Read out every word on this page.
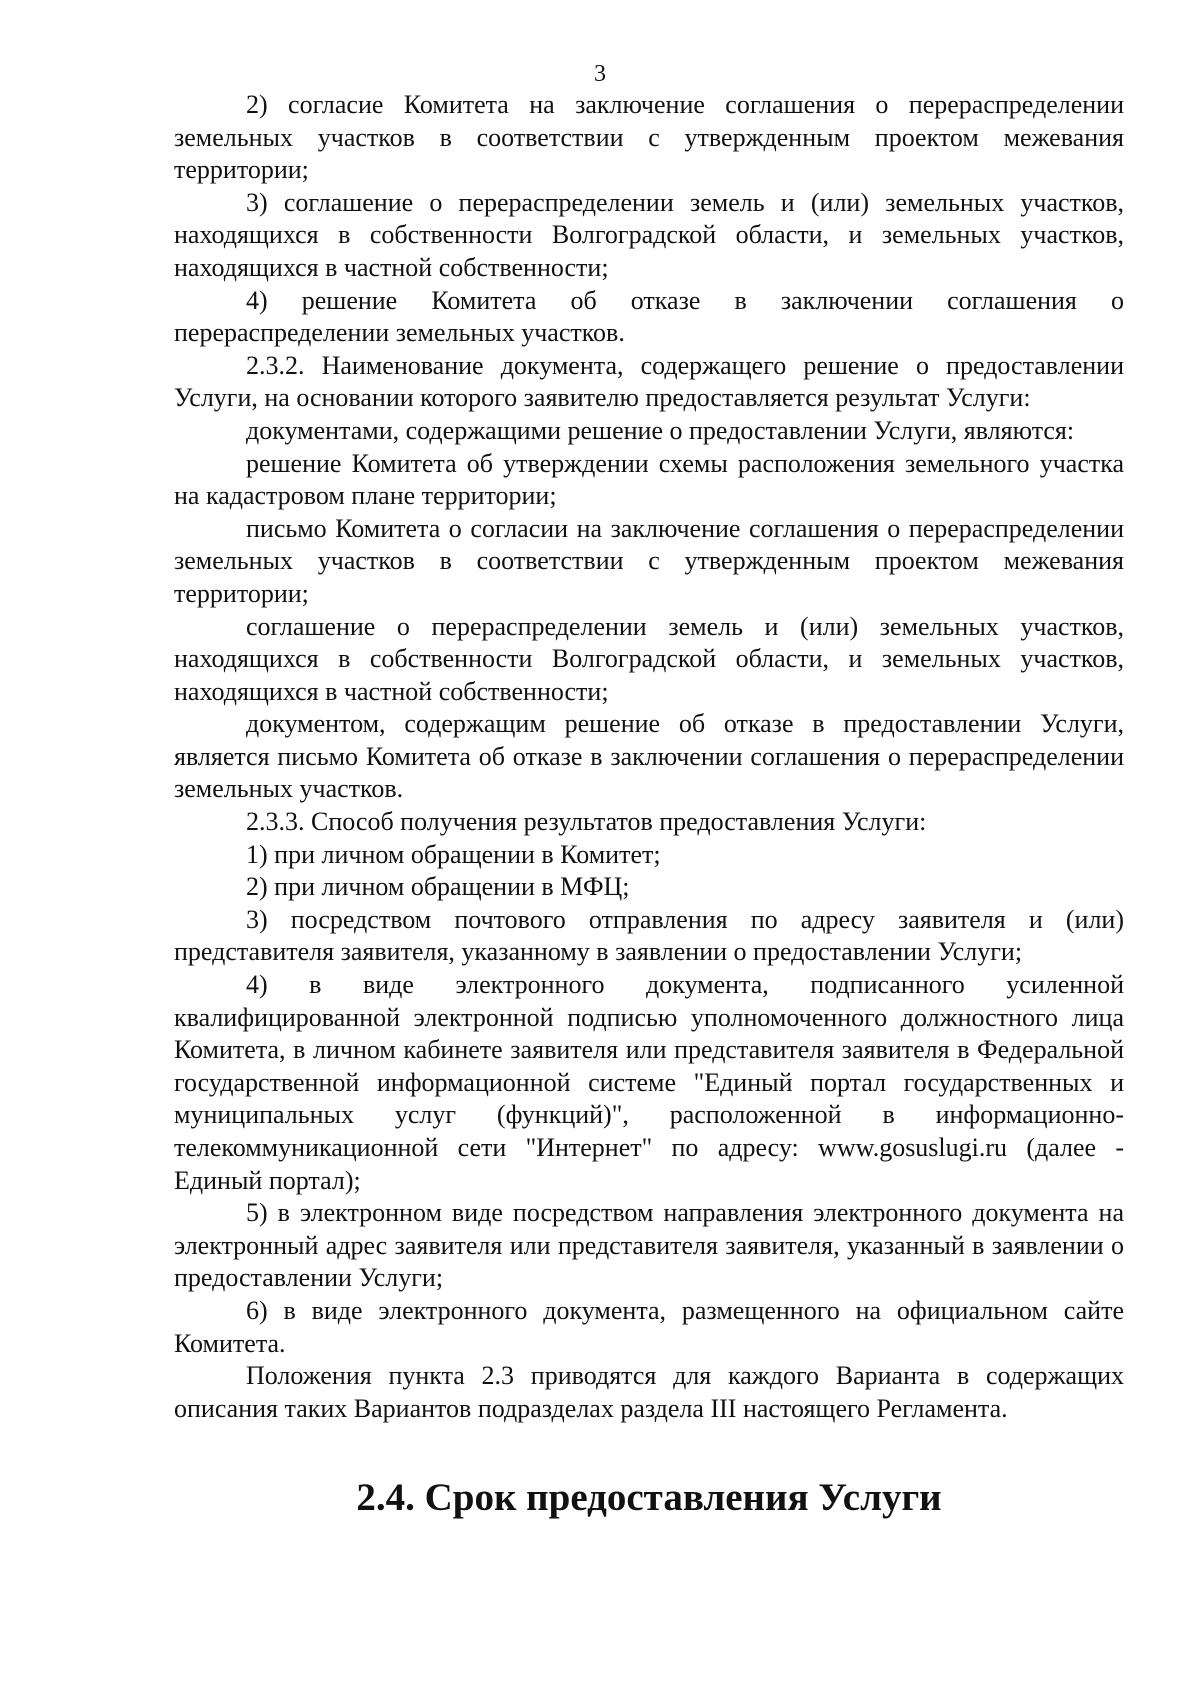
3

2) согласие Комитета на заключение соглашения о перераспределении земельных участков в соответствии с утвержденным проектом межевания территории;

3) соглашение о перераспределении земель и (или) земельных участков, находящихся в собственности Волгоградской области, и земельных участков, находящихся в частной собственности;

4) решение Комитета об отказе в заключении соглашения о перераспределении земельных участков.

2.3.2. Наименование документа, содержащего решение о предоставлении Услуги, на основании которого заявителю предоставляется результат Услуги:

документами, содержащими решение о предоставлении Услуги, являются:

решение Комитета об утверждении схемы расположения земельного участка на кадастровом плане территории;

письмо Комитета о согласии на заключение соглашения о перераспределении земельных участков в соответствии с утвержденным проектом межевания территории;

соглашение о перераспределении земель и (или) земельных участков, находящихся в собственности Волгоградской области, и земельных участков, находящихся в частной собственности;

документом, содержащим решение об отказе в предоставлении Услуги, является письмо Комитета об отказе в заключении соглашения о перераспределении земельных участков.

2.3.3. Способ получения результатов предоставления Услуги:

1) при личном обращении в Комитет;

2) при личном обращении в МФЦ;

3) посредством почтового отправления по адресу заявителя и (или) представителя заявителя, указанному в заявлении о предоставлении Услуги;

4) в виде электронного документа, подписанного усиленной квалифицированной электронной подписью уполномоченного должностного лица Комитета, в личном кабинете заявителя или представителя заявителя в Федеральной государственной информационной системе "Единый портал государственных и муниципальных услуг (функций)", расположенной в информационно-телекоммуникационной сети "Интернет" по адресу: www.gosuslugi.ru (далее - Единый портал);

5) в электронном виде посредством направления электронного документа на электронный адрес заявителя или представителя заявителя, указанный в заявлении о предоставлении Услуги;

6) в виде электронного документа, размещенного на официальном сайте Комитета.

Положения пункта 2.3 приводятся для каждого Варианта в содержащих описания таких Вариантов подразделах раздела III настоящего Регламента.

2.4. Срок предоставления Услуги
